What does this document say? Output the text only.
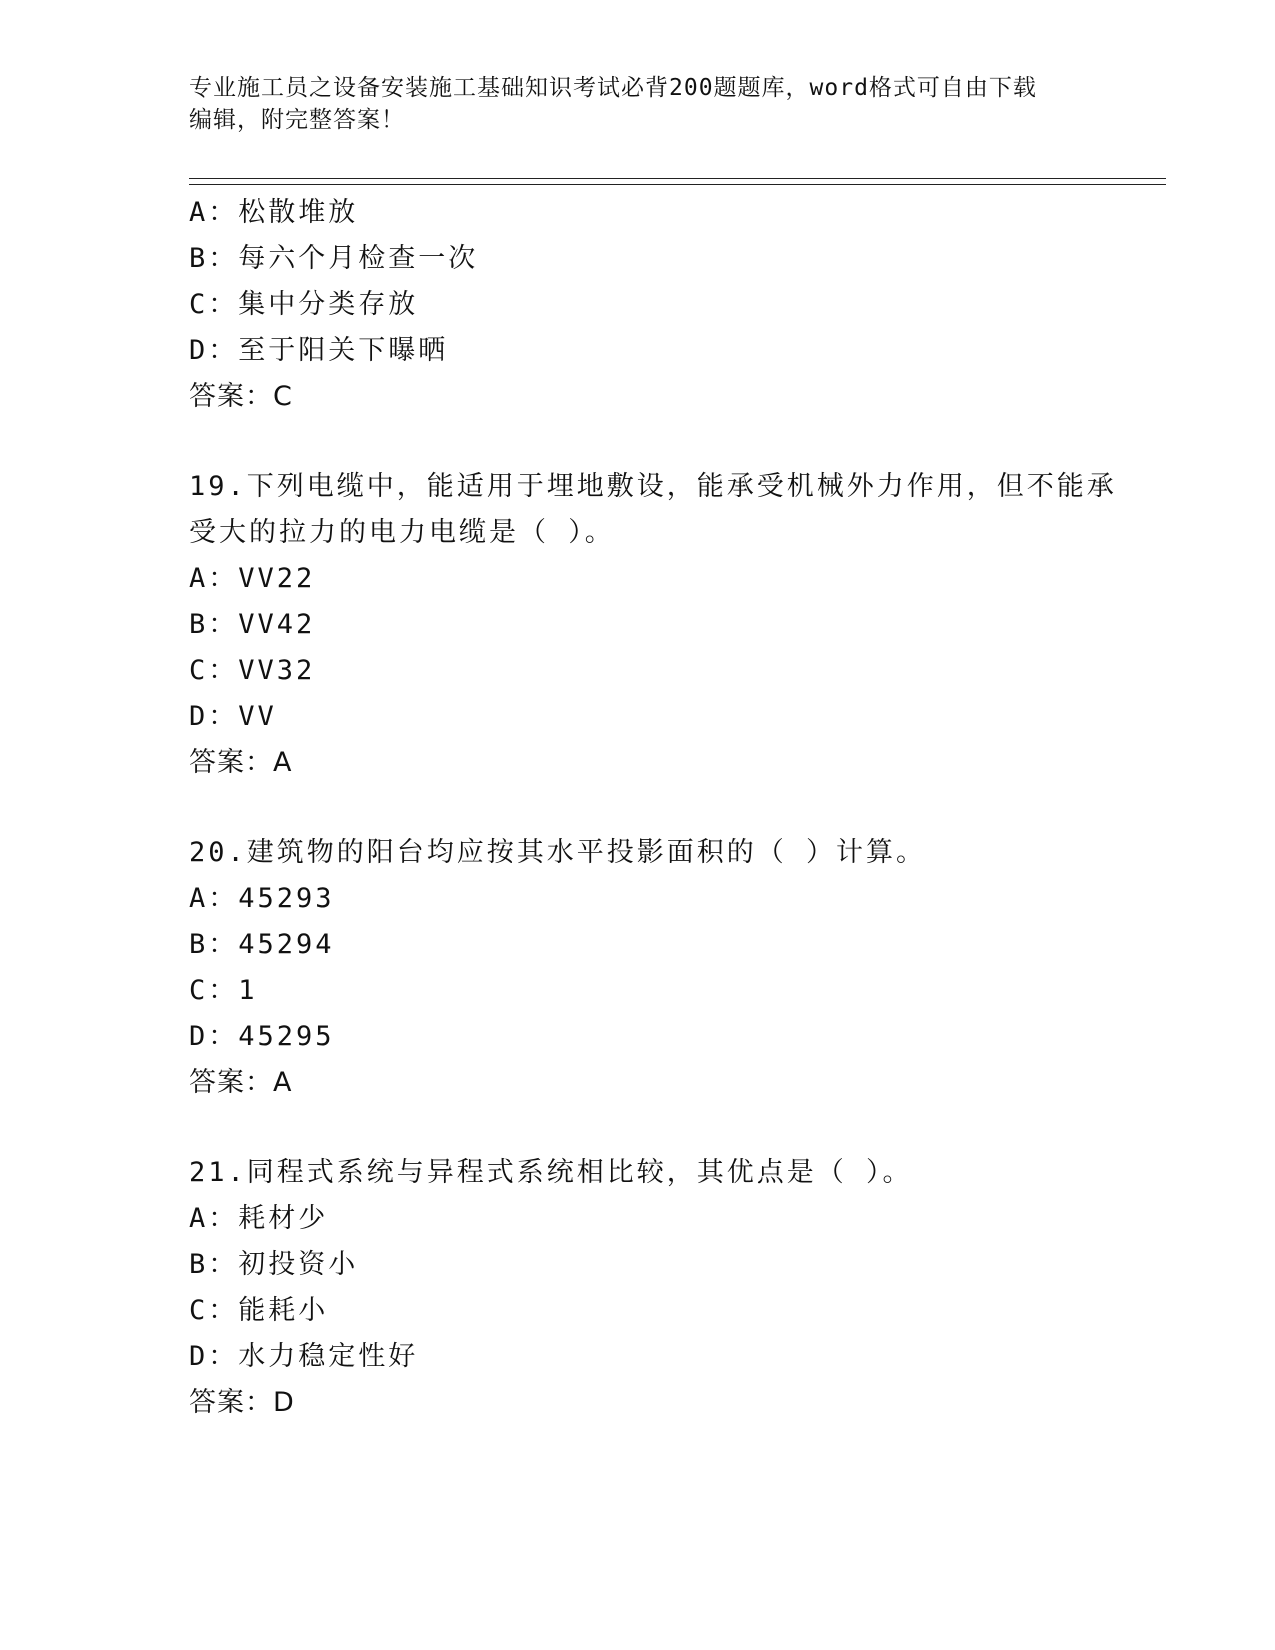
专业施工员之设备安装施工基础知识考试必背200题题库，word格式可自由下载
编辑，附完整答案！
A：松散堆放
B：每六个月检查一次
C：集中分类存放
D：至于阳关下曝晒
答案：C
19.下列电缆中，能适用于埋地敷设，能承受机械外力作用，但不能承
受大的拉力的电力电缆是（ ）。
A：VV22
B：VV42
C：VV32
D：VV
答案：A
20.建筑物的阳台均应按其水平投影面积的（ ）计算。
A：45293
B：45294
C：1
D：45295
答案：A
21.同程式系统与异程式系统相比较，其优点是（ ）。
A：耗材少
B：初投资小
C：能耗小
D：水力稳定性好
答案：D
